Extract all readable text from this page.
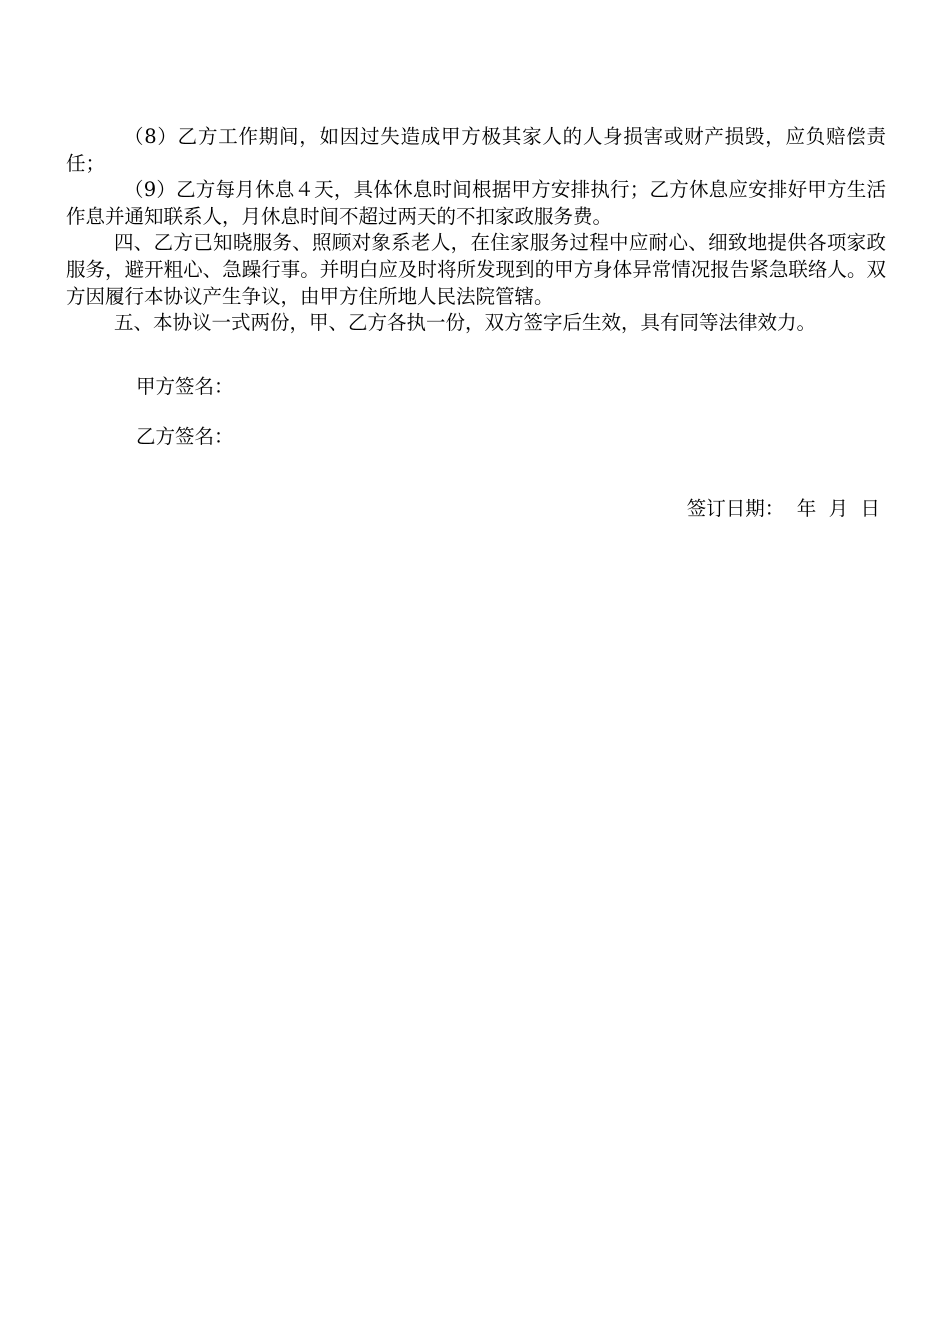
（8）乙方工作期间，如因过失造成甲方极其家人的人身损害或财产损毁，应负赔偿责任；

（9）乙方每月休息４天，具体休息时间根据甲方安排执行；乙方休息应安排好甲方生活作息并通知联系人，月休息时间不超过两天的不扣家政服务费。

四、乙方已知晓服务、照顾对象系老人，在住家服务过程中应耐心、细致地提供各项家政服务，避开粗心、急躁行事。并明白应及时将所发现到的甲方身体异常情况报告紧急联络人。双方因履行本协议产生争议，由甲方住所地人民法院管辖。

五、本协议一式两份，甲、乙方各执一份，双方签字后生效，具有同等法律效力。

甲方签名：
乙方签名：
签订日期：  年  月  日
